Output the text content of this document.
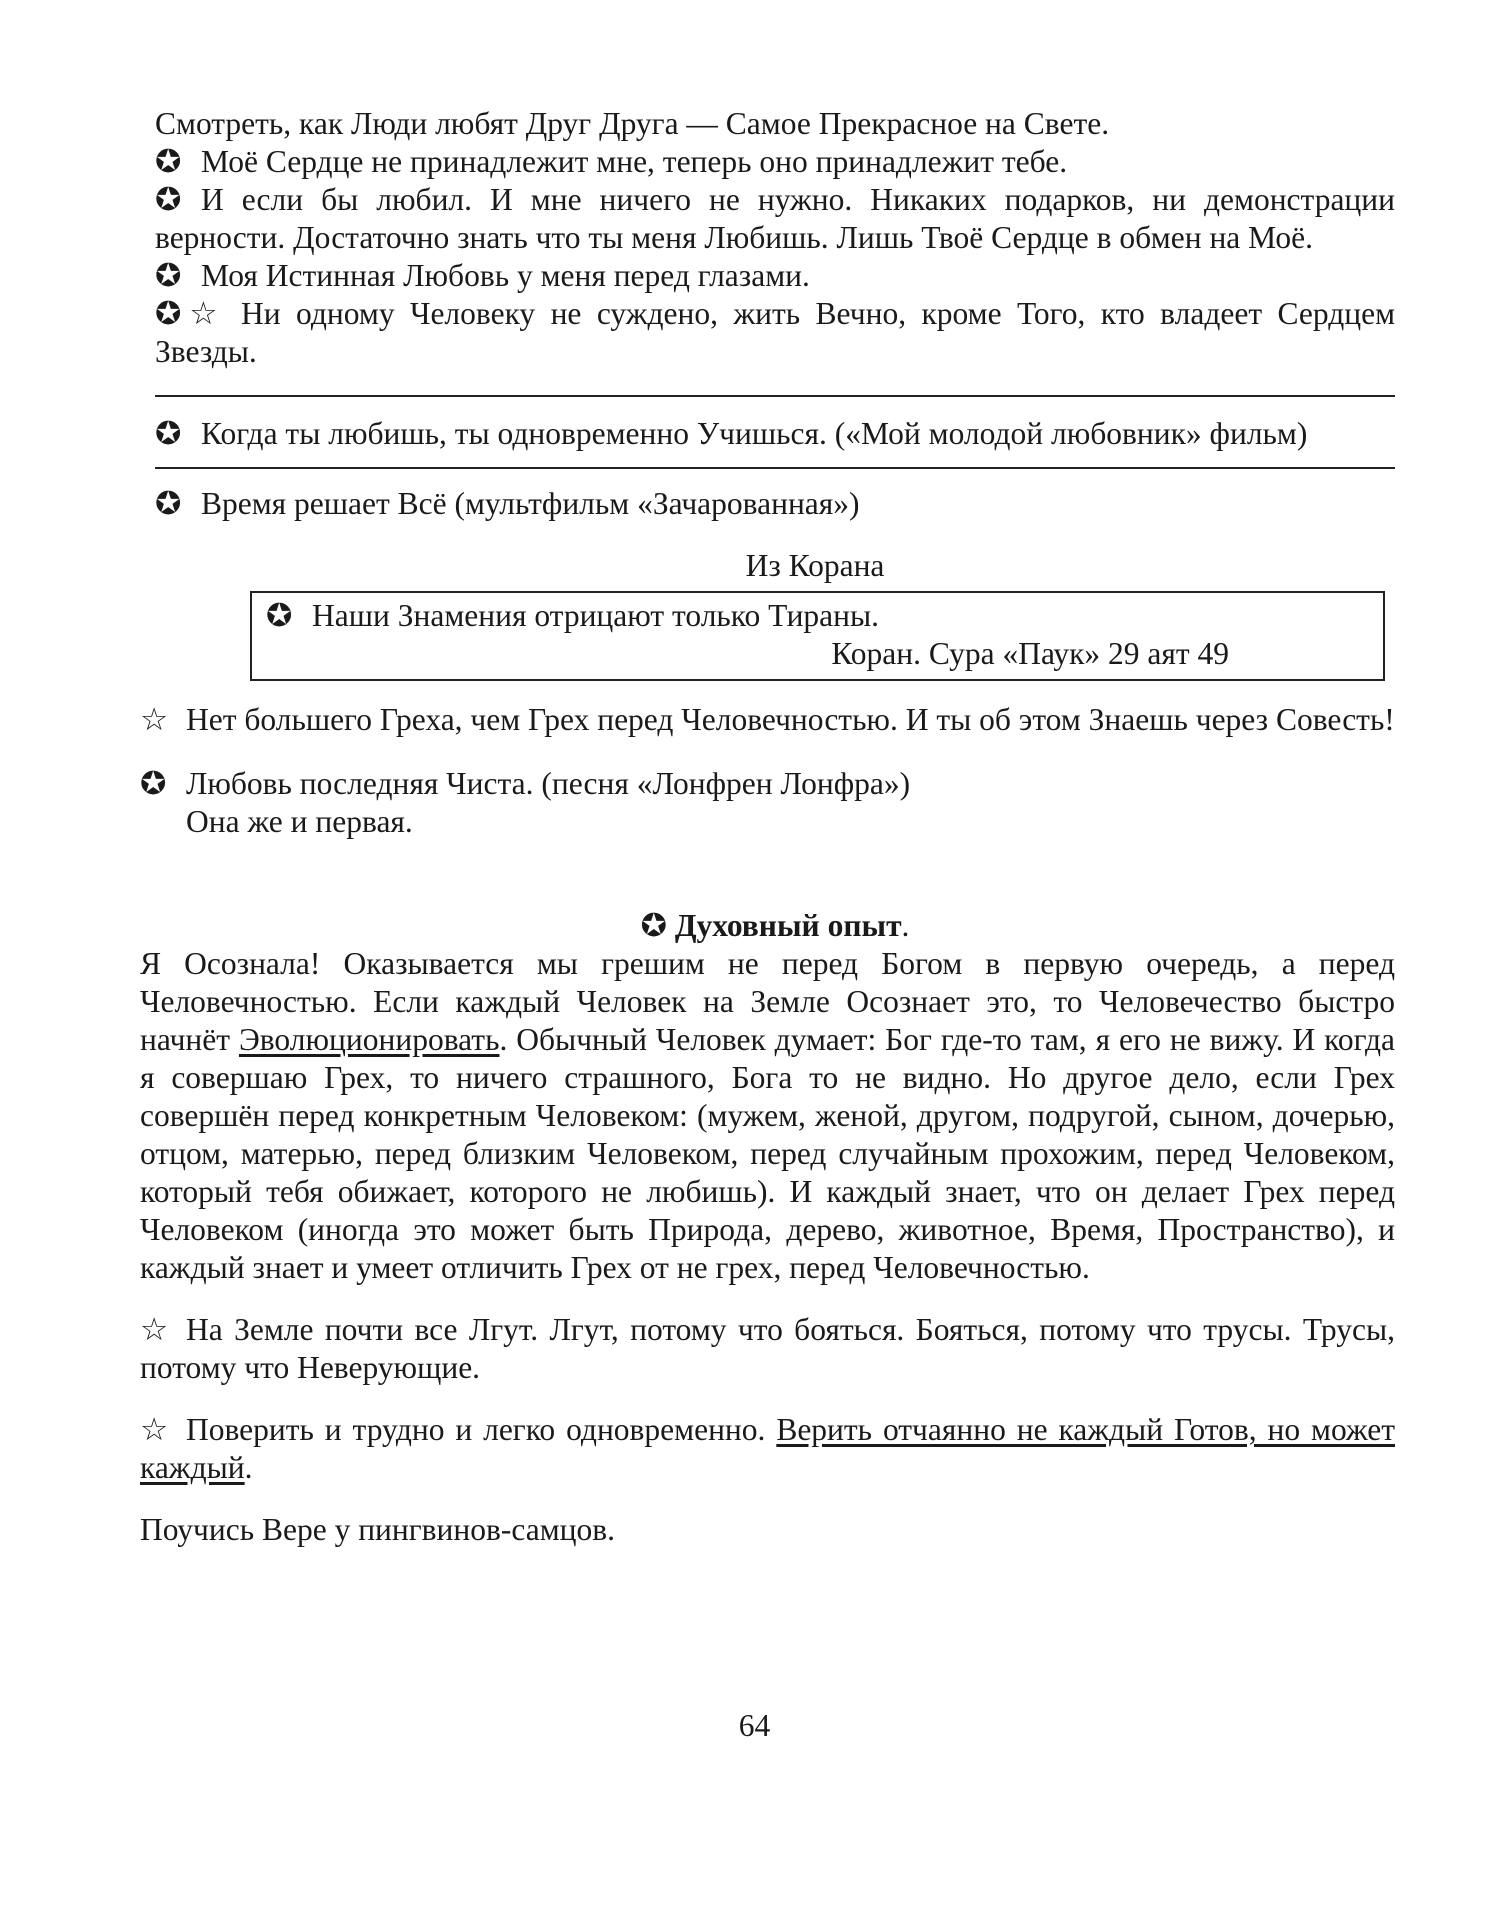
Смотреть, как Люди любят Друг Друга — Самое Прекрасное на Свете.

✪ Моё Сердце не принадлежит мне, теперь оно принадлежит тебе.

✪ И если бы любил. И мне ничего не нужно. Никаких подарков, ни демонстрации верности. Достаточно знать что ты меня Любишь. Лишь Твоё Сердце в обмен на Моё.

✪ Моя Истинная Любовь у меня перед глазами.

✪ ☆ Ни одному Человеку не суждено, жить Вечно, кроме Того, кто владеет Сердцем Звезды.

✪ Когда ты любишь, ты одновременно Учишься. («Мой молодой любовник» фильм)

✪ Время решает Всё (мультфильм «Зачарованная»)

Из Корана

✪ Наши Знамения отрицают только Тираны.

Коран. Сура «Паук» 29 аят 49

☆ Нет большего Греха, чем Грех перед Человечностью. И ты об этом Знаешь через Совесть!

✪ Любовь последняя Чиста. (песня «Лонфрен Лонфра»)

Она же и первая.

✪ Духовный опыт.

Я Осознала! Оказывается мы грешим не перед Богом в первую очередь, а перед Человечностью. Если каждый Человек на Земле Осознает это, то Человечество быстро начнёт Эволюционировать. Обычный Человек думает: Бог где-то там, я его не вижу. И когда я совершаю Грех, то ничего страшного, Бога то не видно. Но другое дело, если Грех совершён перед конкретным Человеком: (мужем, женой, другом, подругой, сыном, дочерью, отцом, матерью, перед близким Человеком, перед случайным прохожим, перед Человеком, который тебя обижает, которого не любишь). И каждый знает, что он делает Грех перед Человеком (иногда это может быть Природа, дерево, животное, Время, Пространство), и каждый знает и умеет отличить Грех от не грех, перед Человечностью.

☆ На Земле почти все Лгут. Лгут, потому что бояться. Бояться, потому что трусы. Трусы, потому что Неверующие.

☆ Поверить и трудно и легко одновременно. Верить отчаянно не каждый Готов, но может каждый.

Поучись Вере у пингвинов-самцов.

64
